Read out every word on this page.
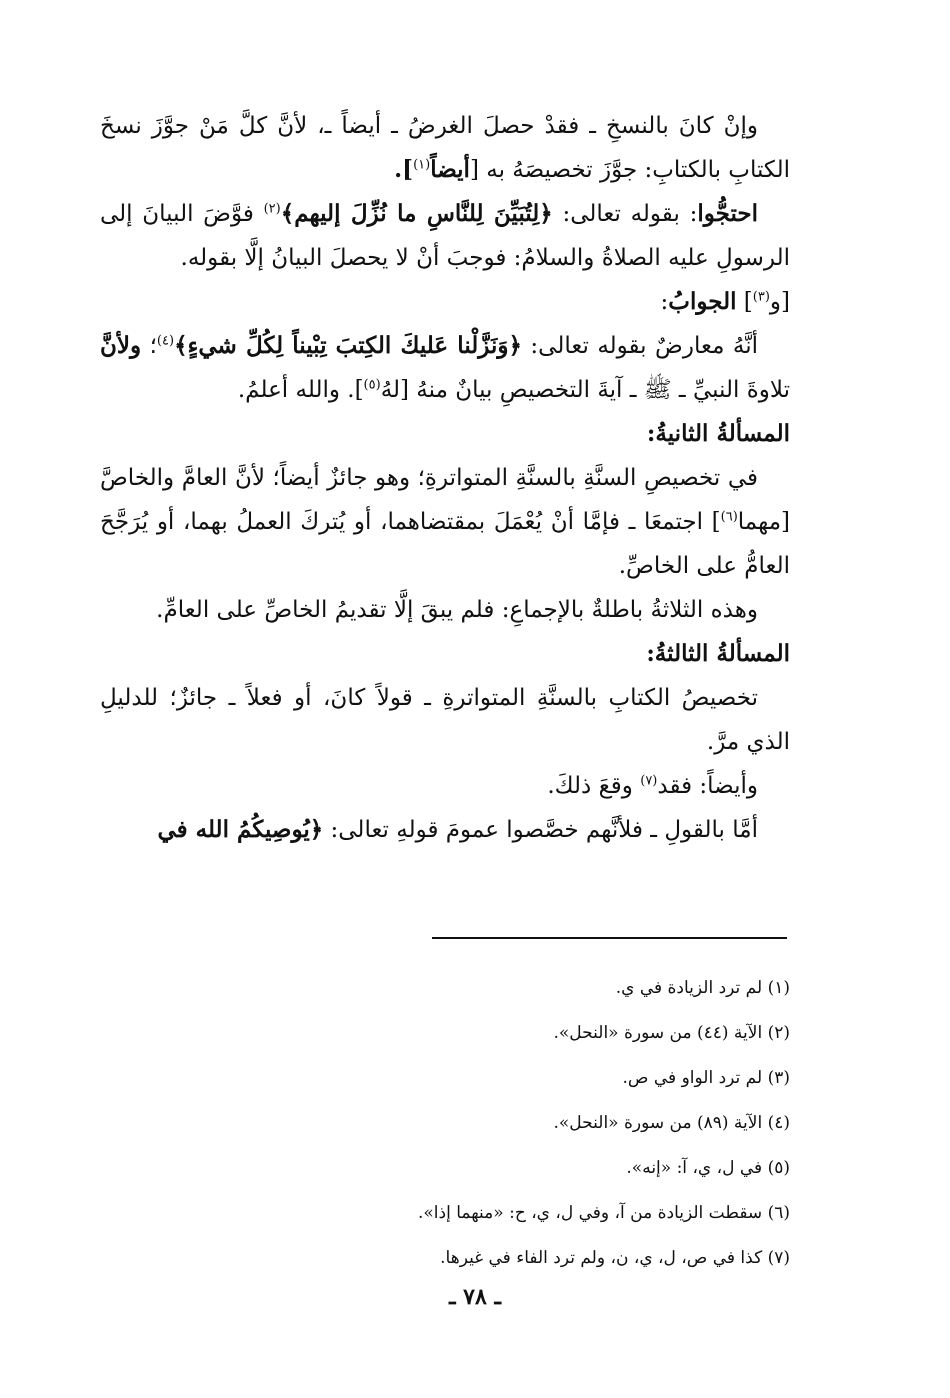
وإنْ كانَ بالنسخِ ـ فقدْ حصلَ الغرضُ ـ أيضاً ـ، لأنَّ كلَّ مَنْ جوَّزَ نسخَ الكتابِ بالكتابِ: جوَّزَ تخصيصَهُ به [أيضاً$^{(١)}$].

احتجُّوا: بقوله تعالى: ﴿لِتُبَيِّنَ لِلنَّاسِ ما نُزِّلَ إليهم﴾$^{(٢)}$ فوَّضَ البيانَ إلى الرسولِ عليه الصلاةُ والسلامُ: فوجبَ أنْ لا يحصلَ البيانُ إلَّا بقوله.

[و$^{(٣)}$] الجوابُ:

أنَّهُ معارضٌ بقوله تعالى: ﴿وَنَزَّلْنا عَليكَ الكِتبَ تِبْيناً لِكُلِّ شيءٍ﴾$^{(٤)}$؛ ولأنَّ تلاوةَ النبيِّ ـ ﷺ ـ آيةَ التخصيصِ بيانٌ منهُ [لهُ$^{(٥)}$]. والله أعلمُ.

المسألةُ الثانيةُ:

في تخصيصِ السنَّةِ بالسنَّةِ المتواترةِ؛ وهو جائزٌ أيضاً؛ لأنَّ العامَّ والخاصَّ [مهما$^{(٦)}$] اجتمعَا ـ فإمَّا أنْ يُعْمَلَ بمقتضاهما، أو يُتركَ العملُ بهما، أو يُرَجَّحَ العامُّ على الخاصِّ.

وهذه الثلاثةُ باطلةٌ بالإجماعِ: فلم يبقَ إلَّا تقديمُ الخاصِّ على العامِّ.

المسألةُ الثالثةُ:

تخصيصُ الكتابِ بالسنَّةِ المتواترةِ ـ قولاً كانَ، أو فعلاً ـ جائزٌ؛ للدليلِ الذي مرَّ.

وأيضاً: فقد$^{(٧)}$ وقعَ ذلكَ.

أمَّا بالقولِ ـ فلأنَّهم خصَّصوا عمومَ قولهِ تعالى: ﴿يُوصِيكُمُ الله في

(١) لم ترد الزيادة في ي.
(٢) الآية (٤٤) من سورة «النحل».
(٣) لم ترد الواو في ص.
(٤) الآية (٨٩) من سورة «النحل».
(٥) في ل، ي، آ: «إنه».
(٦) سقطت الزيادة من آ، وفي ل، ي، ح: «منهما إذا».
(٧) كذا في ص، ل، ي، ن، ولم ترد الفاء في غيرها.
ـ ٧٨ ـ
